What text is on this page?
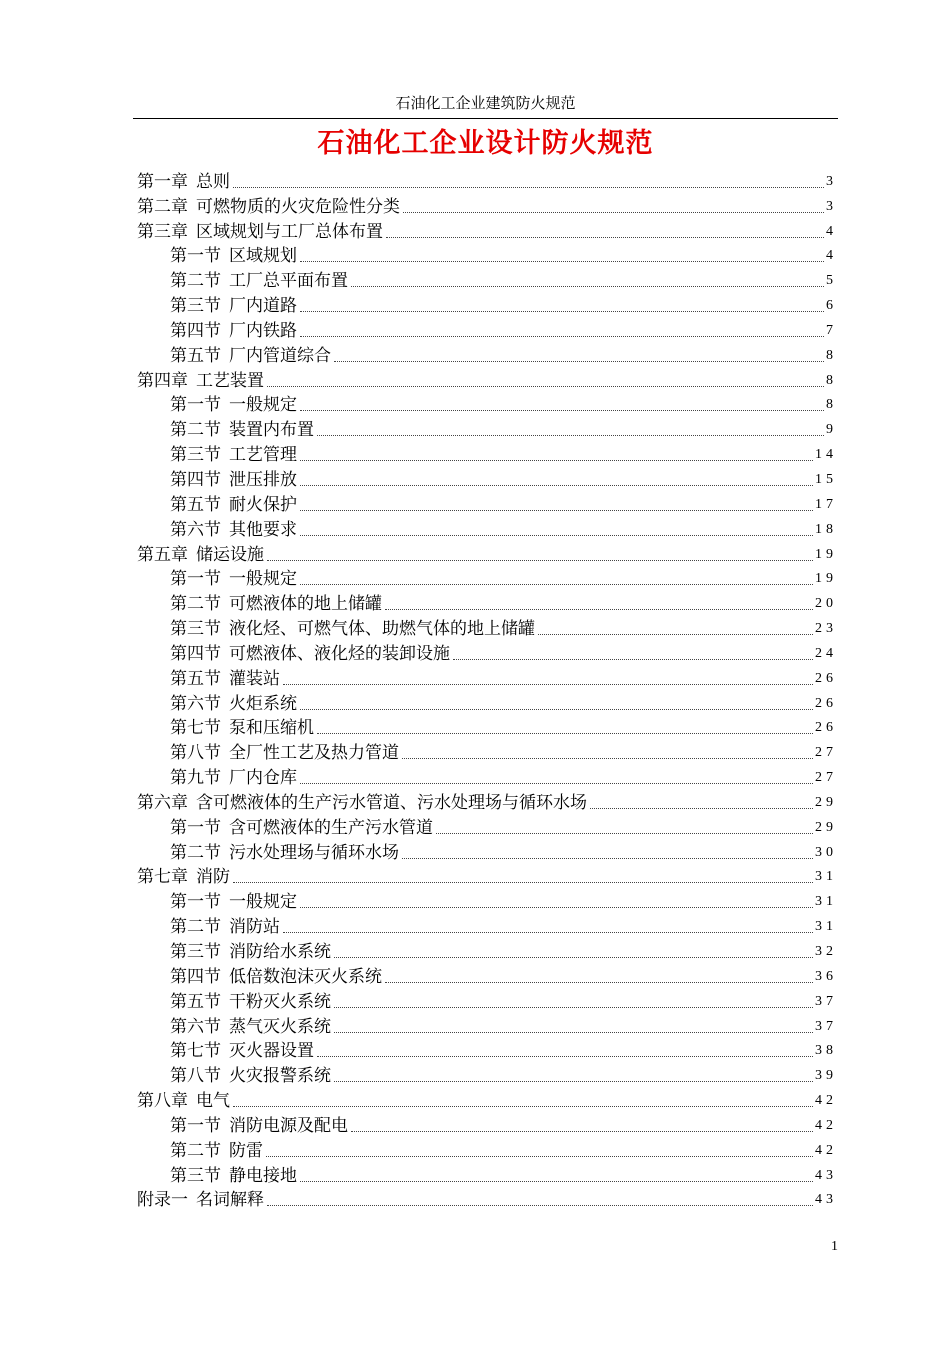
石油化工企业建筑防火规范
石油化工企业设计防火规范
第一章 总则	3
第二章 可燃物质的火灾危险性分类	3
第三章 区域规划与工厂总体布置	4
第一节 区域规划	4
第二节 工厂总平面布置	5
第三节 厂内道路	6
第四节 厂内铁路	7
第五节 厂内管道综合	8
第四章 工艺装置	8
第一节 一般规定	8
第二节 装置内布置	9
第三节 工艺管理	14
第四节 泄压排放	15
第五节 耐火保护	17
第六节 其他要求	18
第五章 储运设施	19
第一节 一般规定	19
第二节 可燃液体的地上储罐	20
第三节 液化烃、可燃气体、助燃气体的地上储罐	23
第四节 可燃液体、液化烃的装卸设施	24
第五节 灌装站	26
第六节 火炬系统	26
第七节 泵和压缩机	26
第八节 全厂性工艺及热力管道	27
第九节 厂内仓库	27
第六章 含可燃液体的生产污水管道、污水处理场与循环水场	29
第一节 含可燃液体的生产污水管道	29
第二节 污水处理场与循环水场	30
第七章 消防	31
第一节 一般规定	31
第二节 消防站	31
第三节 消防给水系统	32
第四节 低倍数泡沫灭火系统	36
第五节 干粉灭火系统	37
第六节 蒸气灭火系统	37
第七节 灭火器设置	38
第八节 火灾报警系统	39
第八章 电气	42
第一节 消防电源及配电	42
第二节 防雷	42
第三节 静电接地	43
附录一 名词解释	43
1
